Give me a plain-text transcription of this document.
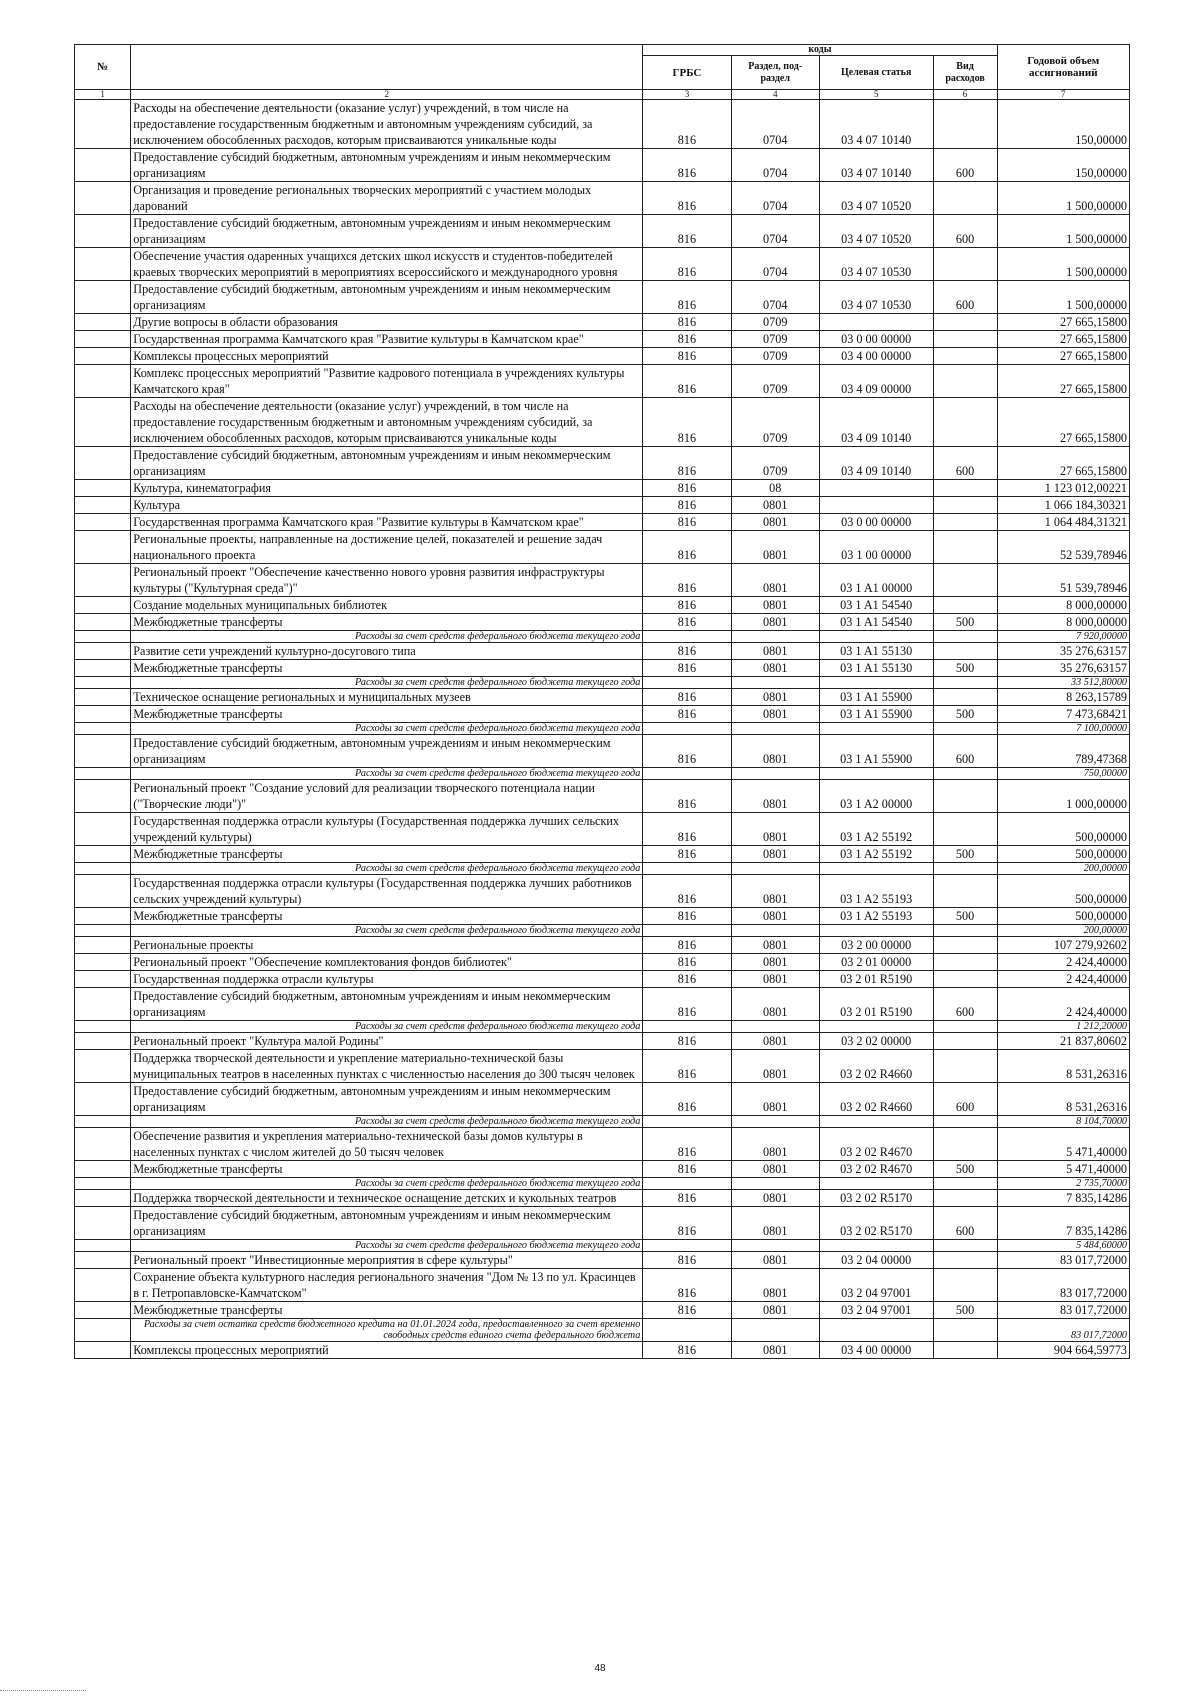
№		коды				Годовой объем ассигнований
		ГРБС	Раздел, под-раздел	Целевая статья	Вид расходов	
1	2	3	4	5	6	7
	Расходы на обеспечение деятельности (оказание услуг) учреждений, в том числе на предоставление государственным бюджетным и автономным учреждениям субсидий, за исключением обособленных расходов, которым присваиваются уникальные коды	816	0704	03 4 07 10140		150,00000
	Предоставление субсидий бюджетным, автономным учреждениям и иным некоммерческим организациям	816	0704	03 4 07 10140	600	150,00000
	Организация и проведение региональных творческих мероприятий с участием молодых дарований	816	0704	03 4 07 10520		1 500,00000
	Предоставление субсидий бюджетным, автономным учреждениям и иным некоммерческим организациям	816	0704	03 4 07 10520	600	1 500,00000
	Обеспечение участия одаренных учащихся детских школ искусств и студентов-победителей краевых творческих мероприятий в мероприятиях всероссийского и международного уровня	816	0704	03 4 07 10530		1 500,00000
	Предоставление субсидий бюджетным, автономным учреждениям и иным некоммерческим организациям	816	0704	03 4 07 10530	600	1 500,00000
	Другие вопросы в области образования	816	0709			27 665,15800
	Государственная программа Камчатского края "Развитие культуры в Камчатском крае"	816	0709	03 0 00 00000		27 665,15800
	Комплексы процессных мероприятий	816	0709	03 4 00 00000		27 665,15800
	Комплекс процессных мероприятий "Развитие кадрового потенциала в учреждениях культуры Камчатского края"	816	0709	03 4 09 00000		27 665,15800
	Расходы на обеспечение деятельности (оказание услуг) учреждений, в том числе на предоставление государственным бюджетным и автономным учреждениям субсидий, за исключением обособленных расходов, которым присваиваются уникальные коды	816	0709	03 4 09 10140		27 665,15800
	Предоставление субсидий бюджетным, автономным учреждениям и иным некоммерческим организациям	816	0709	03 4 09 10140	600	27 665,15800
	Культура, кинематография	816	08			1 123 012,00221
	Культура	816	0801			1 066 184,30321
	Государственная программа Камчатского края "Развитие культуры в Камчатском крае"	816	0801	03 0 00 00000		1 064 484,31321
	Региональные проекты, направленные на достижение целей, показателей и решение задач национального проекта	816	0801	03 1 00 00000		52 539,78946
	Региональный проект "Обеспечение качественно нового уровня развития инфраструктуры культуры ("Культурная среда")"	816	0801	03 1 A1 00000		51 539,78946
	Создание модельных муниципальных библиотек	816	0801	03 1 A1 54540		8 000,00000
	Межбюджетные трансферты	816	0801	03 1 A1 54540	500	8 000,00000
	Расходы за счет средств федерального бюджета текущего года					7 920,00000
	Развитие сети учреждений культурно-досугового типа	816	0801	03 1 A1 55130		35 276,63157
	Межбюджетные трансферты	816	0801	03 1 A1 55130	500	35 276,63157
	Расходы за счет средств федерального бюджета текущего года					33 512,80000
	Техническое оснащение региональных и муниципальных музеев	816	0801	03 1 A1 55900		8 263,15789
	Межбюджетные трансферты	816	0801	03 1 A1 55900	500	7 473,68421
	Расходы за счет средств федерального бюджета текущего года					7 100,00000
	Предоставление субсидий бюджетным, автономным учреждениям и иным некоммерческим организациям	816	0801	03 1 A1 55900	600	789,47368
	Расходы за счет средств федерального бюджета текущего года					750,00000
	Региональный проект "Создание условий для реализации творческого потенциала нации ("Творческие люди")"	816	0801	03 1 A2 00000		1 000,00000
	Государственная поддержка отрасли культуры (Государственная поддержка лучших сельских учреждений культуры)	816	0801	03 1 A2 55192		500,00000
	Межбюджетные трансферты	816	0801	03 1 A2 55192	500	500,00000
	Расходы за счет средств федерального бюджета текущего года					200,00000
	Государственная поддержка отрасли культуры (Государственная поддержка лучших работников сельских учреждений культуры)	816	0801	03 1 A2 55193		500,00000
	Межбюджетные трансферты	816	0801	03 1 A2 55193	500	500,00000
	Расходы за счет средств федерального бюджета текущего года					200,00000
	Региональные проекты	816	0801	03 2 00 00000		107 279,92602
	Региональный проект "Обеспечение комплектования фондов библиотек"	816	0801	03 2 01 00000		2 424,40000
	Государственная поддержка отрасли культуры	816	0801	03 2 01 R5190		2 424,40000
	Предоставление субсидий бюджетным, автономным учреждениям и иным некоммерческим организациям	816	0801	03 2 01 R5190	600	2 424,40000
	Расходы за счет средств федерального бюджета текущего года					1 212,20000
	Региональный проект "Культура малой Родины"	816	0801	03 2 02 00000		21 837,80602
	Поддержка творческой деятельности и укрепление материально-технической базы муниципальных театров в населенных пунктах с численностью населения до 300 тысяч человек	816	0801	03 2 02 R4660		8 531,26316
	Предоставление субсидий бюджетным, автономным учреждениям и иным некоммерческим организациям	816	0801	03 2 02 R4660	600	8 531,26316
	Расходы за счет средств федерального бюджета текущего года					8 104,70000
	Обеспечение развития и укрепления материально-технической базы домов культуры в населенных пунктах с числом жителей до 50 тысяч человек	816	0801	03 2 02 R4670		5 471,40000
	Межбюджетные трансферты	816	0801	03 2 02 R4670	500	5 471,40000
	Расходы за счет средств федерального бюджета текущего года					2 735,70000
	Поддержка творческой деятельности и техническое оснащение детских и кукольных театров	816	0801	03 2 02 R5170		7 835,14286
	Предоставление субсидий бюджетным, автономным учреждениям и иным некоммерческим организациям	816	0801	03 2 02 R5170	600	7 835,14286
	Расходы за счет средств федерального бюджета текущего года					5 484,60000
	Региональный проект "Инвестиционные мероприятия в сфере культуры"	816	0801	03 2 04 00000		83 017,72000
	Сохранение объекта культурного наследия регионального значения "Дом № 13 по ул. Красинцев в г. Петропавловске-Камчатском"	816	0801	03 2 04 97001		83 017,72000
	Межбюджетные трансферты	816	0801	03 2 04 97001	500	83 017,72000
	Расходы за счет остатка средств бюджетного кредита на 01.01.2024 года, предоставленного за счет временно свободных средств единого счета федерального бюджета					83 017,72000
	Комплексы процессных мероприятий	816	0801	03 4 00 00000		904 664,59773
48
